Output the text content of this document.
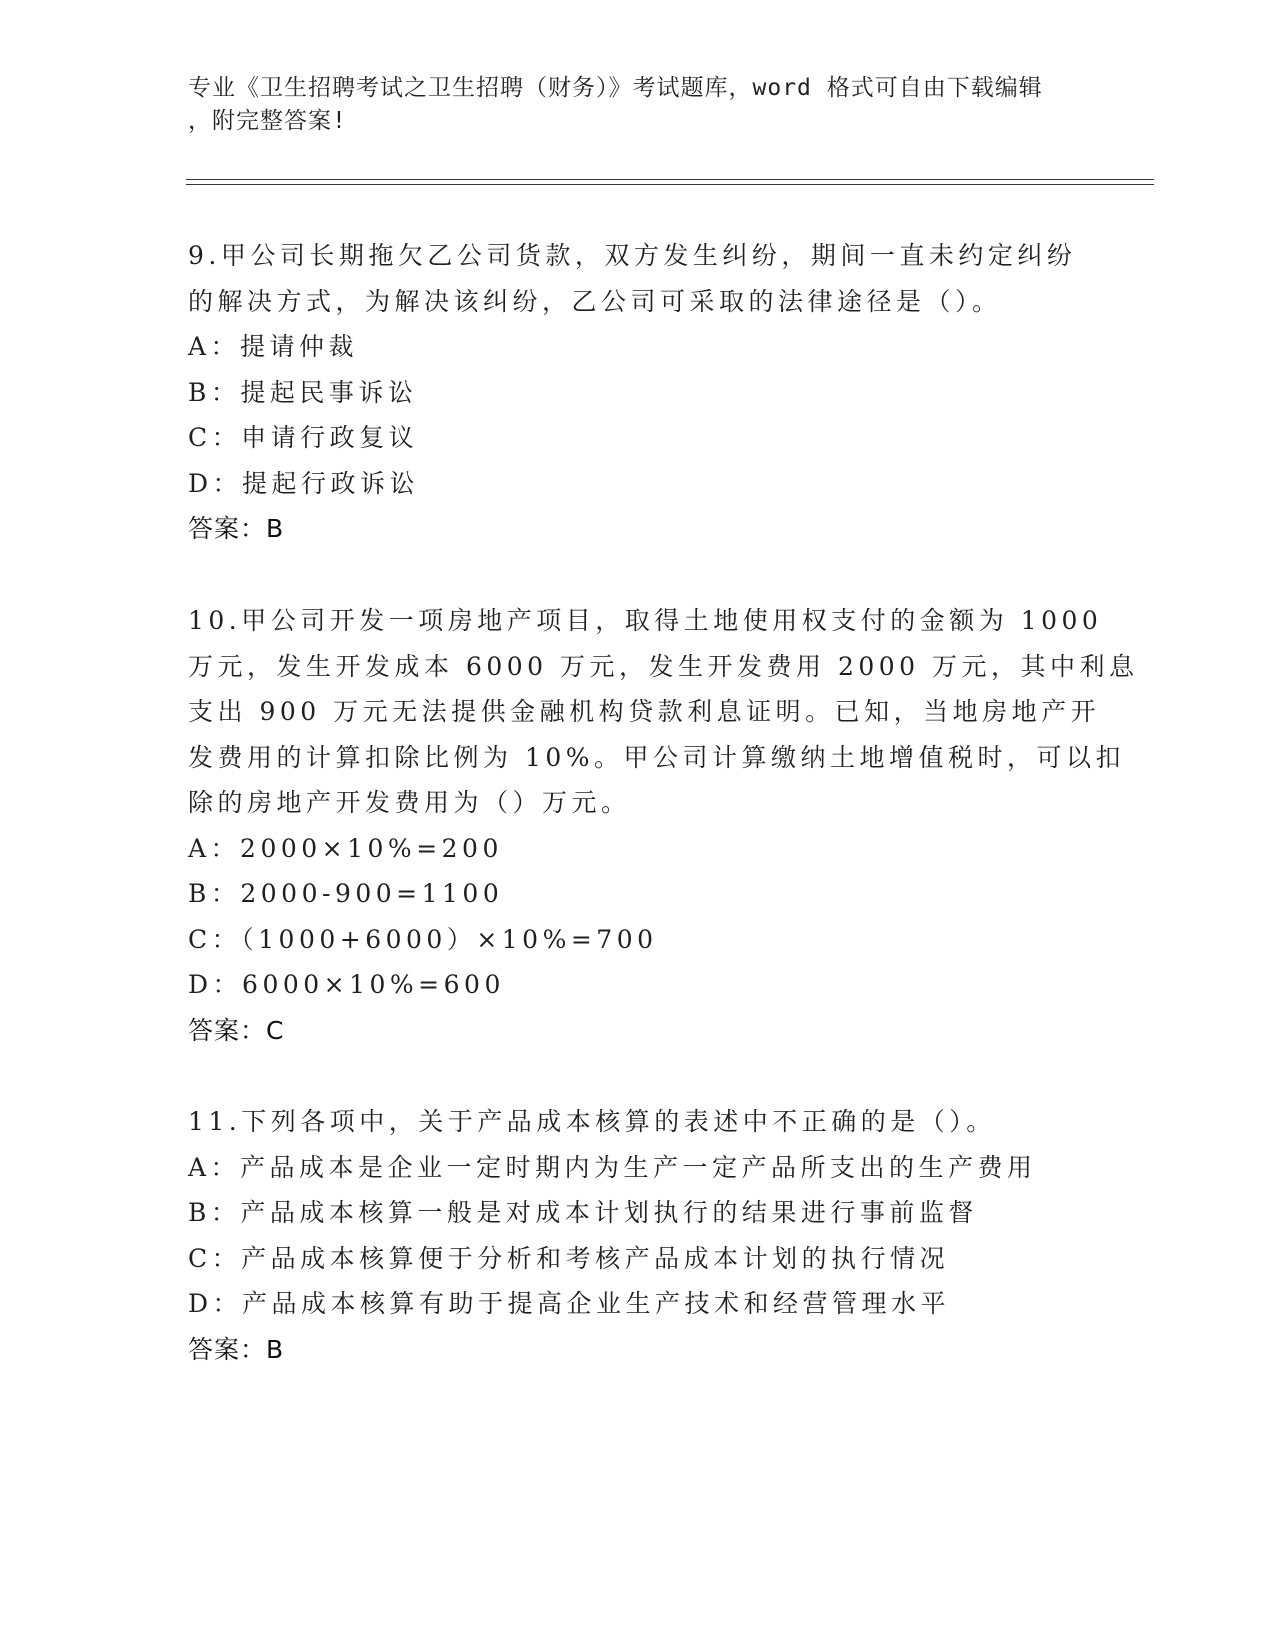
专业《卫生招聘考试之卫生招聘（财务）》考试题库，word 格式可自由下载编辑
，附完整答案!
9.甲公司长期拖欠乙公司货款，双方发生纠纷，期间一直未约定纠纷
的解决方式，为解决该纠纷，乙公司可采取的法律途径是（）。
A：提请仲裁
B：提起民事诉讼
C：申请行政复议
D：提起行政诉讼
答案：B
10.甲公司开发一项房地产项目，取得土地使用权支付的金额为 1000
万元，发生开发成本 6000 万元，发生开发费用 2000 万元，其中利息
支出 900 万元无法提供金融机构贷款利息证明。已知，当地房地产开
发费用的计算扣除比例为 10%。甲公司计算缴纳土地增值税时，可以扣
除的房地产开发费用为（）万元。
A：2000×10%=200
B：2000-900=1100
C：（1000+6000）×10%=700
D：6000×10%=600
答案：C
11.下列各项中，关于产品成本核算的表述中不正确的是（）。
A：产品成本是企业一定时期内为生产一定产品所支出的生产费用
B：产品成本核算一般是对成本计划执行的结果进行事前监督
C：产品成本核算便于分析和考核产品成本计划的执行情况
D：产品成本核算有助于提高企业生产技术和经营管理水平
答案：B
